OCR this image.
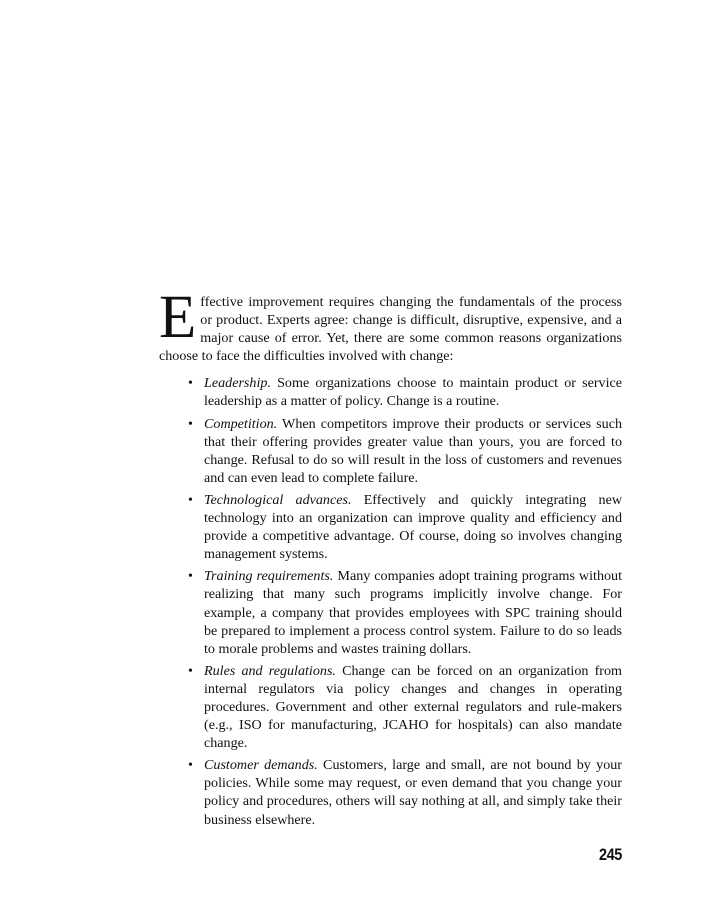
Effective improvement requires changing the fundamentals of the process or product. Experts agree: change is difficult, disruptive, expensive, and a major cause of error. Yet, there are some common reasons organizations choose to face the difficulties involved with change:

• Leadership. Some organizations choose to maintain product or service leadership as a matter of policy. Change is a routine.
• Competition. When competitors improve their products or services such that their offering provides greater value than yours, you are forced to change. Refusal to do so will result in the loss of customers and revenues and can even lead to complete failure.
• Technological advances. Effectively and quickly integrating new technology into an organization can improve quality and efficiency and provide a competitive advantage. Of course, doing so involves changing management systems.
• Training requirements. Many companies adopt training programs without realizing that many such programs implicitly involve change. For example, a company that provides employees with SPC training should be prepared to implement a process control system. Failure to do so leads to morale problems and wastes training dollars.
• Rules and regulations. Change can be forced on an organization from internal regulators via policy changes and changes in operating procedures. Government and other external regulators and rule-makers (e.g., ISO for manufacturing, JCAHO for hospitals) can also mandate change.
• Customer demands. Customers, large and small, are not bound by your policies. While some may request, or even demand that you change your policy and procedures, others will say nothing at all, and simply take their business elsewhere.
245
